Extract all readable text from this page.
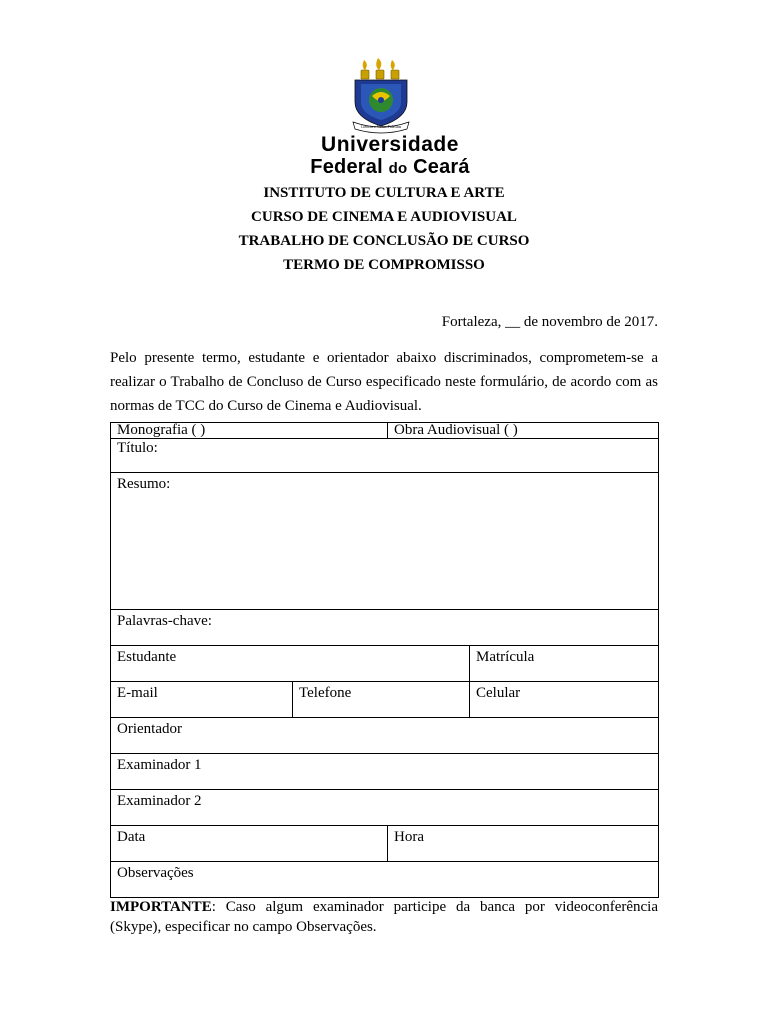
Ciência e Virtus Fidelitas
Universidade
Federal do Ceará
INSTITUTO DE CULTURA E ARTE
CURSO DE CINEMA E AUDIOVISUAL
TRABALHO DE CONCLUSÃO DE CURSO
TERMO DE COMPROMISSO
Fortaleza, __ de novembro de 2017.
Pelo presente termo, estudante e orientador abaixo discriminados, comprometem-se a realizar o Trabalho de Concluso de Curso especificado neste formulário, de acordo com as normas de TCC do Curso de Cinema e Audiovisual.
Monografia ( )		Obra Audiovisual ( )	
Título:			
Resumo:			
Palavras-chave:			
Estudante			Matrícula
E-mail	Telefone		Celular
Orientador			
Examinador 1			
Examinador 2			
Data		Hora	
Observações			
IMPORTANTE: Caso algum examinador participe da banca por videoconferência (Skype), especificar no campo Observações.
